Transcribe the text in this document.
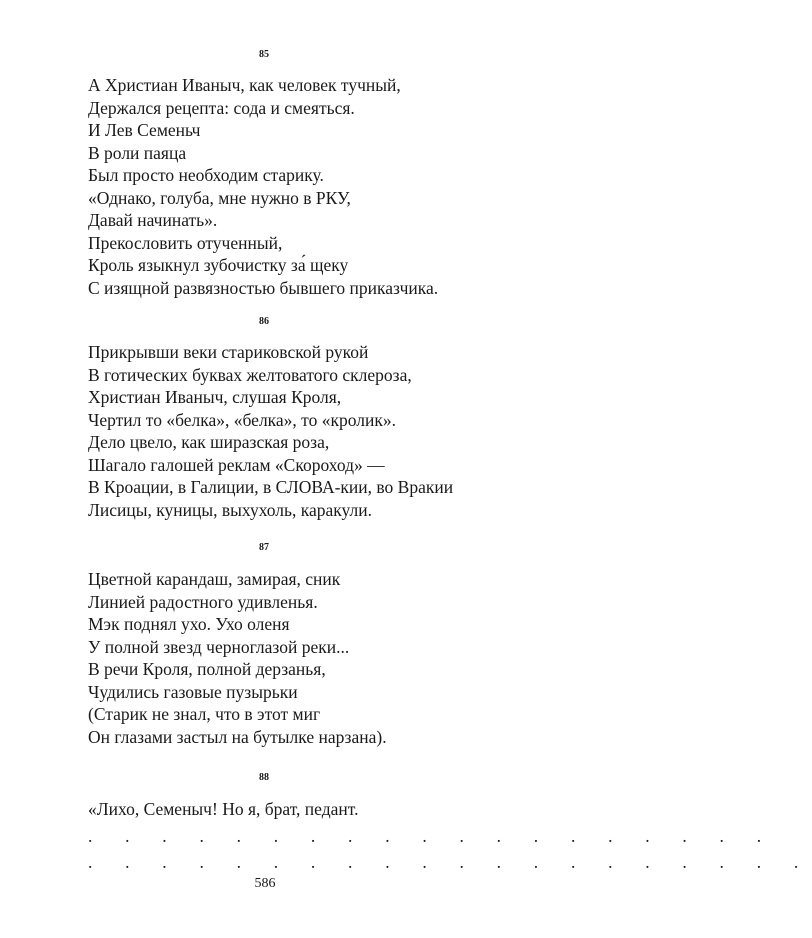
85
А Христиан Иваныч, как человек тучный,
Держался рецепта: сода и смеяться.
И Лев Семеньч
В роли паяца
Был просто необходим старику.
«Однако, голуба, мне нужно в РКУ,
Давай начинать».
Прекословить отученный,
Кроль языкнул зубочистку за́ щеку
С изящной развязностью бывшего приказчика.
86
Прикрывши веки стариковской рукой
В готических буквах желтоватого склероза,
Христиан Иваныч, слушая Кроля,
Чертил то «белка», «белка», то «кролик».
Дело цвело, как ширазская роза,
Шагало галошей реклам «Скороход» —
В Кроации, в Галиции, в СЛОВА-кии, во Вракии
Лисицы, куницы, выхухоль, каракули.
87
Цветной карандаш, замирая, сник
Линией радостного удивленья.
Мэк поднял ухо. Ухо оленя
У полной звезд черноглазой реки...
В речи Кроля, полной дерзанья,
Чудились газовые пузырьки
(Старик не знал, что в этот миг
Он глазами застыл на бутылке нарзана).
88
«Лихо, Семеныч! Но я, брат, педант.
. . . . . . . . . . . . . . . . . . .
. . . . . . . . . . . . . . . . . . . .
586
